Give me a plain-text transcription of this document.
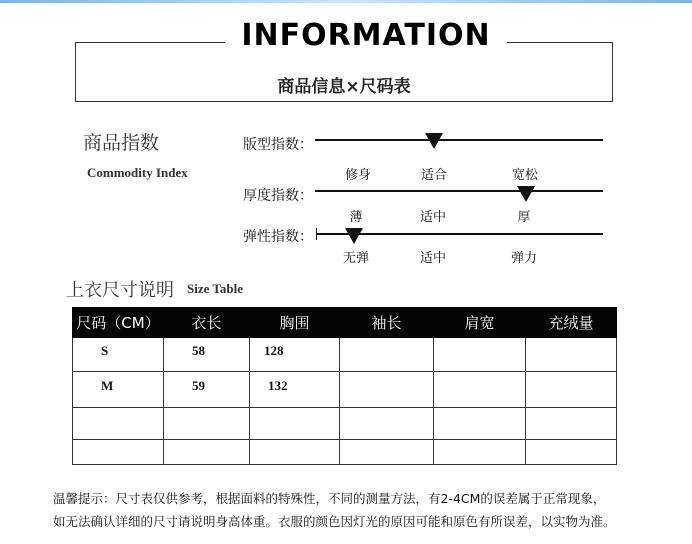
INFORMATION
商品信息×尺码表
商品指数
Commodity Index
版型指数：
修身	适合	宽松
厚度指数：
薄	适中	厚
弹性指数：
无弹	适中	弹力
上衣尺寸说明 Size Table
尺码（CM）	衣长	胸围	袖长	肩宽	充绒量
S	58	128			
M	59	132			

温馨提示：尺寸表仅供参考，根据面料的特殊性，不同的测量方法，有2-4CM的误差属于正常现象，
如无法确认详细的尺寸请说明身高体重。衣服的颜色因灯光的原因可能和原色有所误差，以实物为准。
